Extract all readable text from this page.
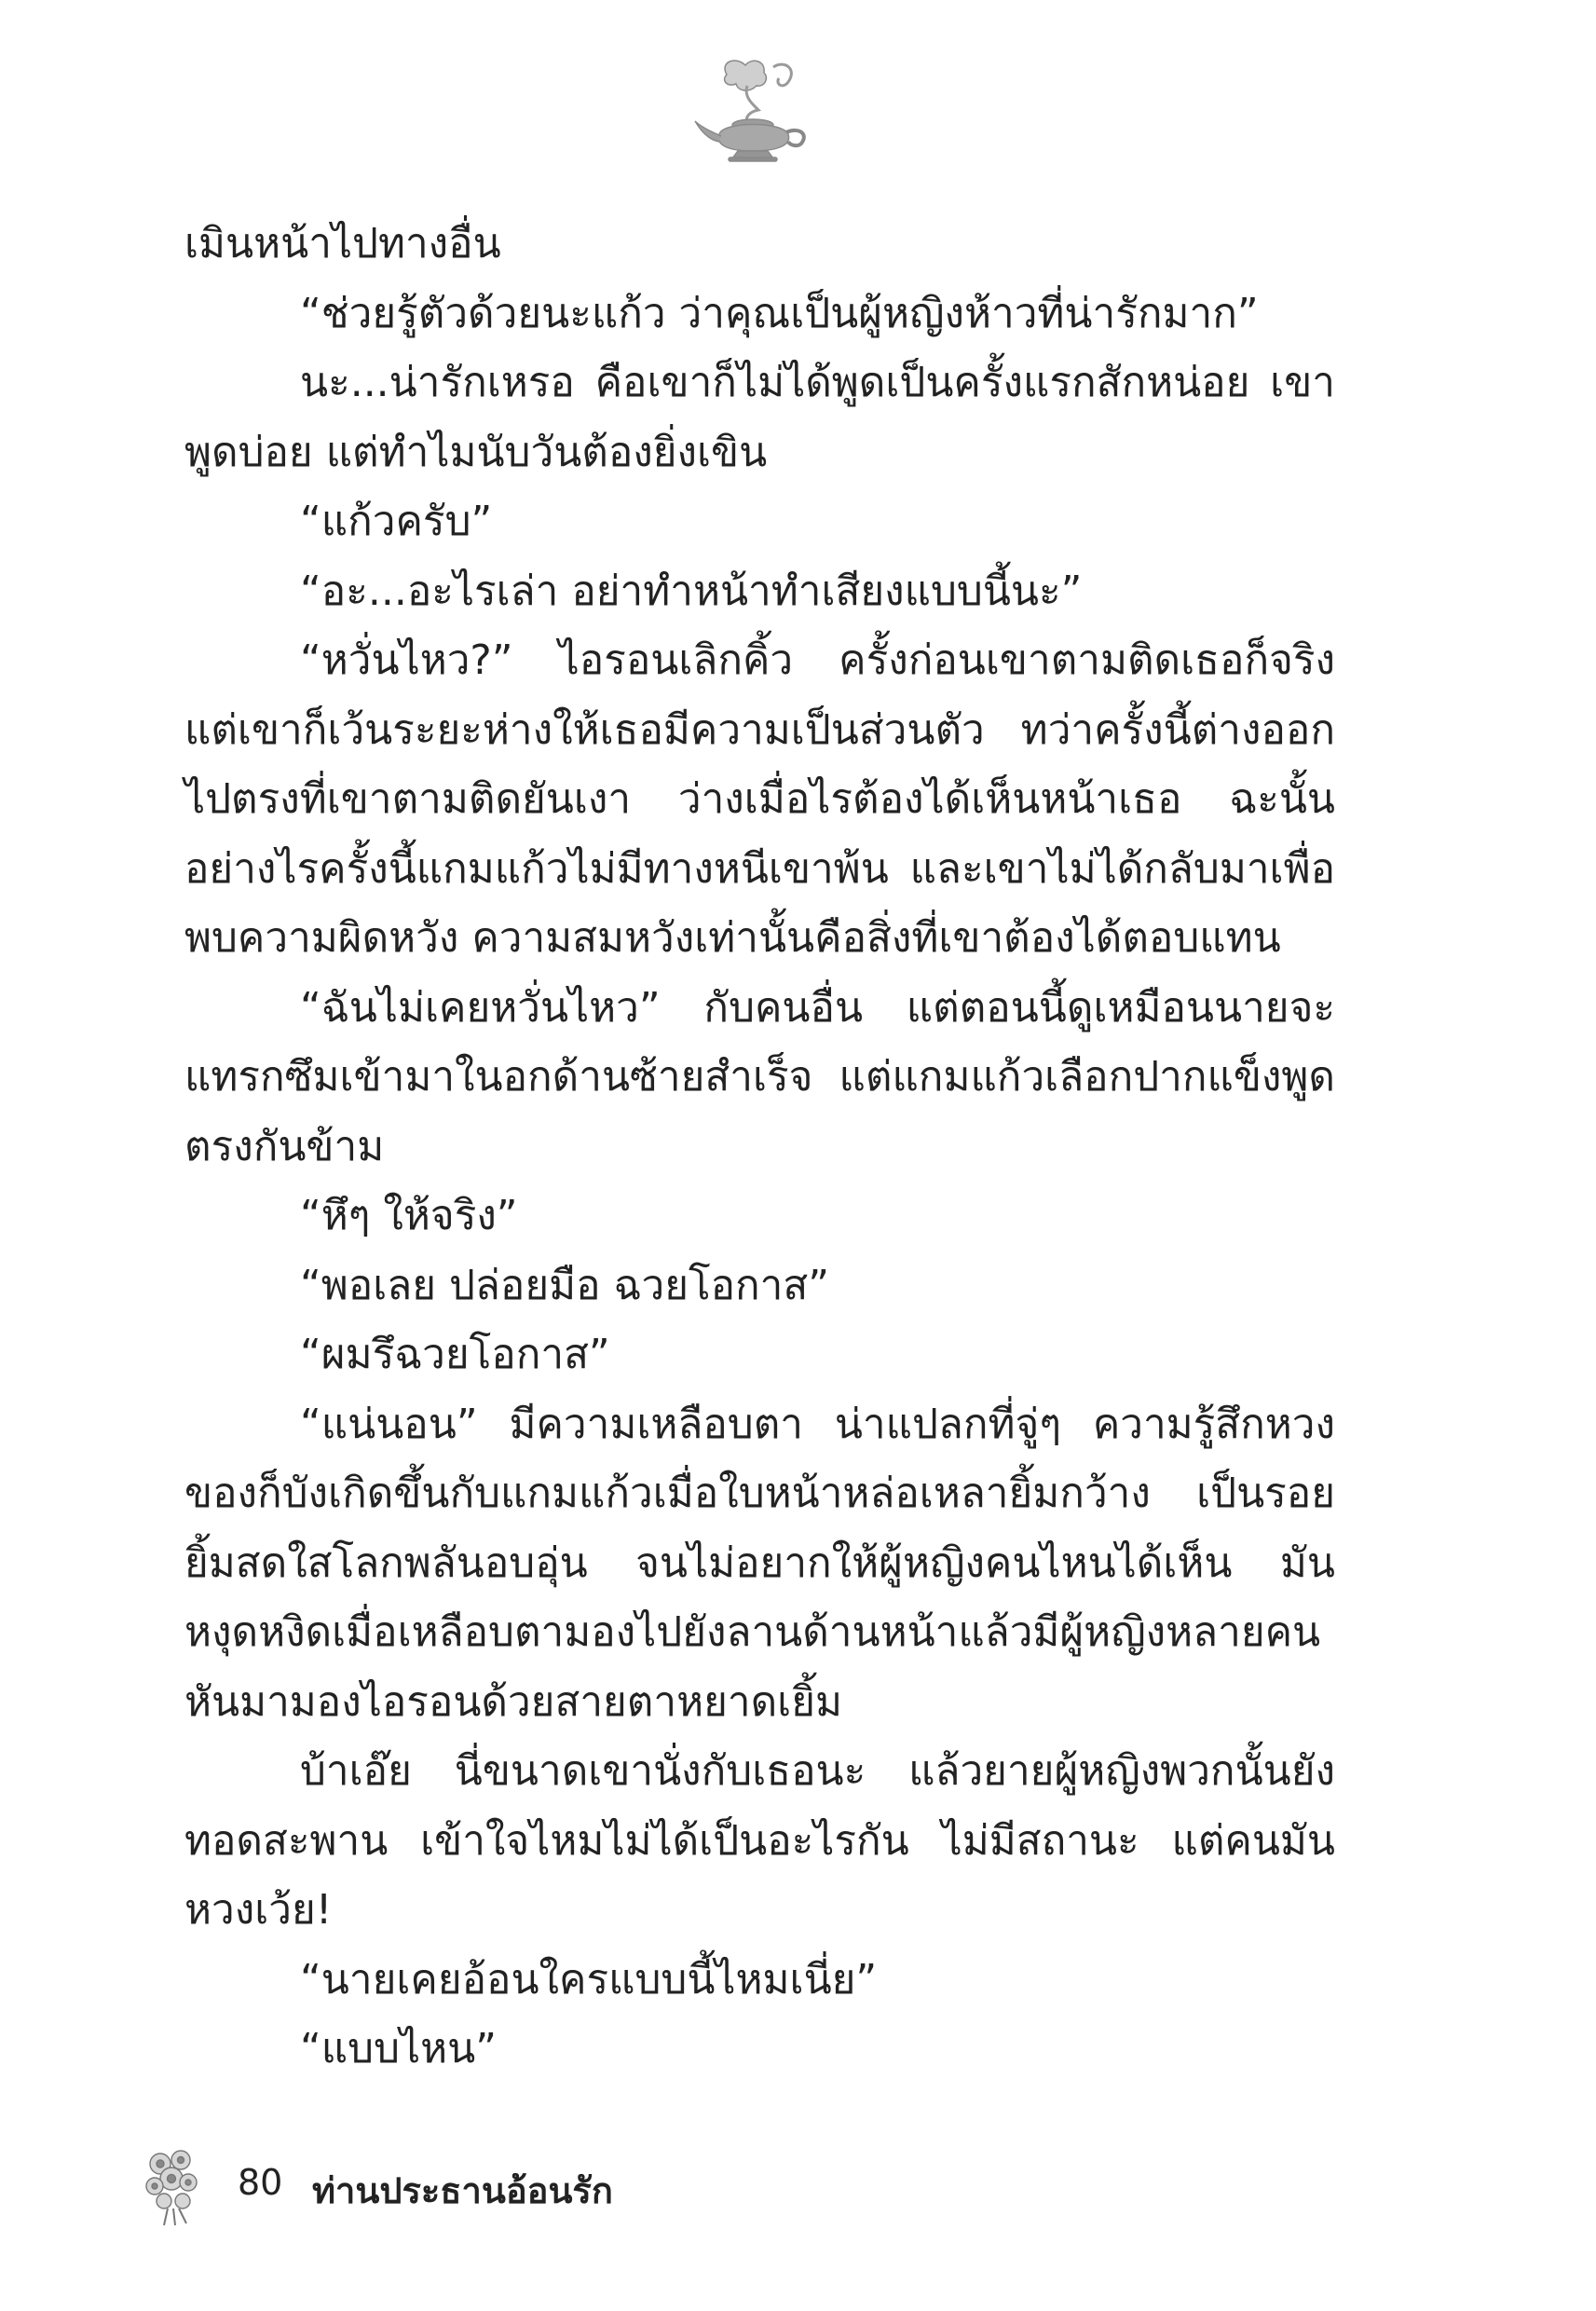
เมินหน้าไปทางอื่น

“ช่วยรู้ตัวด้วยนะแก้ว ว่าคุณเป็นผู้หญิงห้าวที่น่ารักมาก”

นะ...น่ารักเหรอ คือเขาก็ไม่ได้พูดเป็นครั้งแรกสักหน่อย เขาพูดบ่อย แต่ทำไมนับวันต้องยิ่งเขิน

“แก้วครับ”

“อะ...อะไรเล่า อย่าทำหน้าทำเสียงแบบนี้นะ”

“หวั่นไหว?” ไอรอนเลิกคิ้ว ครั้งก่อนเขาตามติดเธอก็จริง แต่เขาก็เว้นระยะห่างให้เธอมีความเป็นส่วนตัว ทว่าครั้งนี้ต่างออกไปตรงที่เขาตามติดยันเงา ว่างเมื่อไรต้องได้เห็นหน้าเธอ ฉะนั้นอย่างไรครั้งนี้แกมแก้วไม่มีทางหนีเขาพ้น และเขาไม่ได้กลับมาเพื่อพบความผิดหวัง ความสมหวังเท่านั้นคือสิ่งที่เขาต้องได้ตอบแทน

“ฉันไม่เคยหวั่นไหว” กับคนอื่น แต่ตอนนี้ดูเหมือนนายจะแทรกซึมเข้ามาในอกด้านซ้ายสำเร็จ แต่แกมแก้วเลือกปากแข็งพูดตรงกันข้าม

“หึๆ ให้จริง”

“พอเลย ปล่อยมือ ฉวยโอกาส”

“ผมรึฉวยโอกาส”

“แน่นอน” มีความเหลือบตา น่าแปลกที่จู่ๆ ความรู้สึกหวงของก็บังเกิดขึ้นกับแกมแก้วเมื่อใบหน้าหล่อเหลายิ้มกว้าง เป็นรอยยิ้มสดใสโลกพลันอบอุ่น จนไม่อยากให้ผู้หญิงคนไหนได้เห็น มันหงุดหงิดเมื่อเหลือบตามองไปยังลานด้านหน้าแล้วมีผู้หญิงหลายคนหันมามองไอรอนด้วยสายตาหยาดเยิ้ม

บ้าเอ๊ย นี่ขนาดเขานั่งกับเธอนะ แล้วยายผู้หญิงพวกนั้นยังทอดสะพาน เข้าใจไหมไม่ได้เป็นอะไรกัน ไม่มีสถานะ แต่คนมันหวงเว้ย!

“นายเคยอ้อนใครแบบนี้ไหมเนี่ย”

“แบบไหน”

80 ท่านประธานอ้อนรัก
